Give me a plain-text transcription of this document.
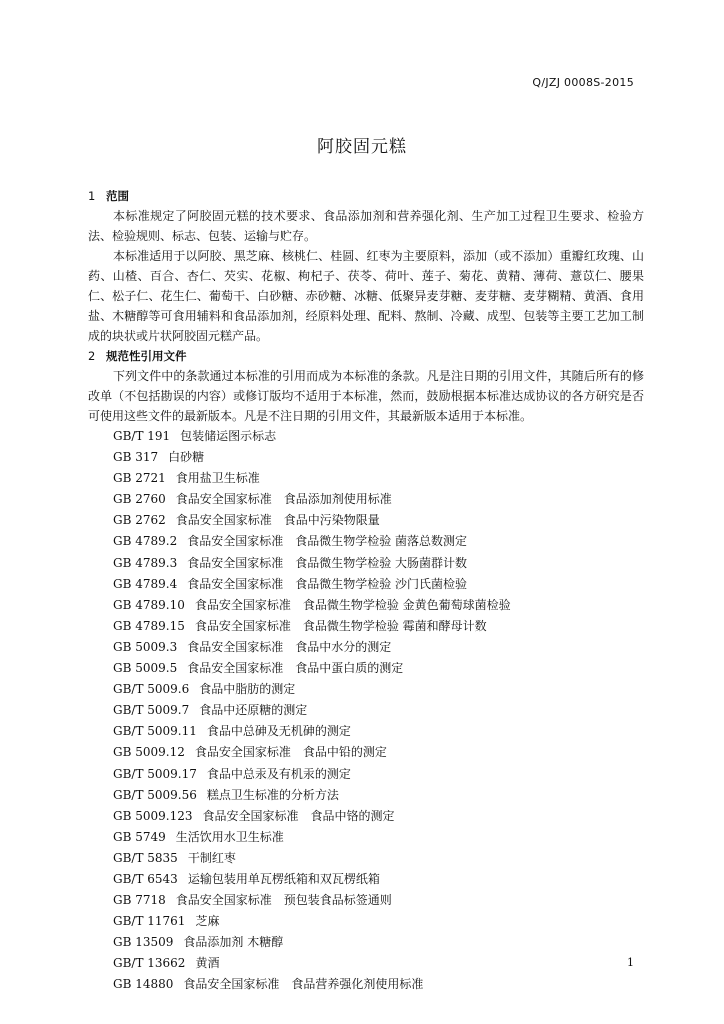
Q/JZJ 0008S-2015
阿胶固元糕
1 范围

本标准规定了阿胶固元糕的技术要求、食品添加剂和营养强化剂、生产加工过程卫生要求、检验方法、检验规则、标志、包装、运输与贮存。

本标准适用于以阿胶、黑芝麻、核桃仁、桂圆、红枣为主要原料，添加（或不添加）重瓣红玫瑰、山药、山楂、百合、杏仁、芡实、花椒、枸杞子、茯苓、荷叶、莲子、菊花、黄精、薄荷、薏苡仁、腰果仁、松子仁、花生仁、葡萄干、白砂糖、赤砂糖、冰糖、低聚异麦芽糖、麦芽糖、麦芽糊精、黄酒、食用盐、木糖醇等可食用辅料和食品添加剂，经原料处理、配料、熬制、冷藏、成型、包装等主要工艺加工制成的块状或片状阿胶固元糕产品。

2 规范性引用文件

下列文件中的条款通过本标准的引用而成为本标准的条款。凡是注日期的引用文件，其随后所有的修改单（不包括勘误的内容）或修订版均不适用于本标准，然而，鼓励根据本标准达成协议的各方研究是否可使用这些文件的最新版本。凡是不注日期的引用文件，其最新版本适用于本标准。

GB/T 191 包装储运图示标志
GB 317 白砂糖
GB 2721 食用盐卫生标准
GB 2760 食品安全国家标准　食品添加剂使用标准
GB 2762 食品安全国家标准　食品中污染物限量
GB 4789.2 食品安全国家标准　食品微生物学检验 菌落总数测定
GB 4789.3 食品安全国家标准　食品微生物学检验 大肠菌群计数
GB 4789.4 食品安全国家标准　食品微生物学检验 沙门氏菌检验
GB 4789.10 食品安全国家标准　食品微生物学检验 金黄色葡萄球菌检验
GB 4789.15 食品安全国家标准　食品微生物学检验 霉菌和酵母计数
GB 5009.3 食品安全国家标准　食品中水分的测定
GB 5009.5 食品安全国家标准　食品中蛋白质的测定
GB/T 5009.6 食品中脂肪的测定
GB/T 5009.7 食品中还原糖的测定
GB/T 5009.11 食品中总砷及无机砷的测定
GB 5009.12 食品安全国家标准　食品中铅的测定
GB/T 5009.17 食品中总汞及有机汞的测定
GB/T 5009.56 糕点卫生标准的分析方法
GB 5009.123 食品安全国家标准　食品中铬的测定
GB 5749 生活饮用水卫生标准
GB/T 5835 干制红枣
GB/T 6543 运输包装用单瓦楞纸箱和双瓦楞纸箱
GB 7718 食品安全国家标准　预包装食品标签通则
GB/T 11761 芝麻
GB 13509 食品添加剂 木糖醇
GB/T 13662 黄酒
GB 14880 食品安全国家标准　食品营养强化剂使用标准
1
